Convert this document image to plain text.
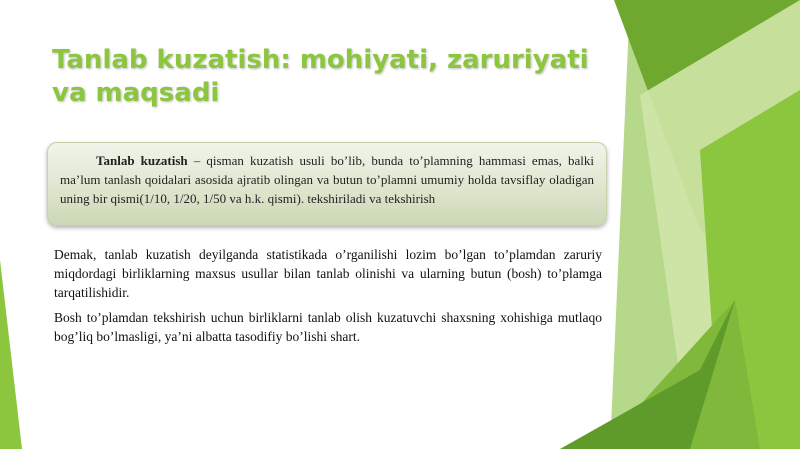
Tanlab kuzatish: mohiyati, zaruriyati va maqsadi

Tanlab kuzatish – qisman kuzatish usuli bo’lib, bunda to’plamning hammasi emas, balki ma’lum tanlash qoidalari asosida ajratib olingan va butun to’plamni umumiy holda tavsiflay oladigan uning bir qismi(1/10, 1/20, 1/50 va h.k. qismi). tekshiriladi va tekshirish

Demak, tanlab kuzatish deyilganda statistikada o’rganilishi lozim bo’lgan to’plamdan zaruriy miqdordagi birliklarning maxsus usullar bilan tanlab olinishi va ularning butun (bosh) to’plamga tarqatilishidir.

Bosh to’plamdan tekshirish uchun birliklarni tanlab olish kuzatuvchi shaxsning xohishiga mutlaqo bog’liq bo’lmasligi, ya’ni albatta tasodifiy bo’lishi shart.
